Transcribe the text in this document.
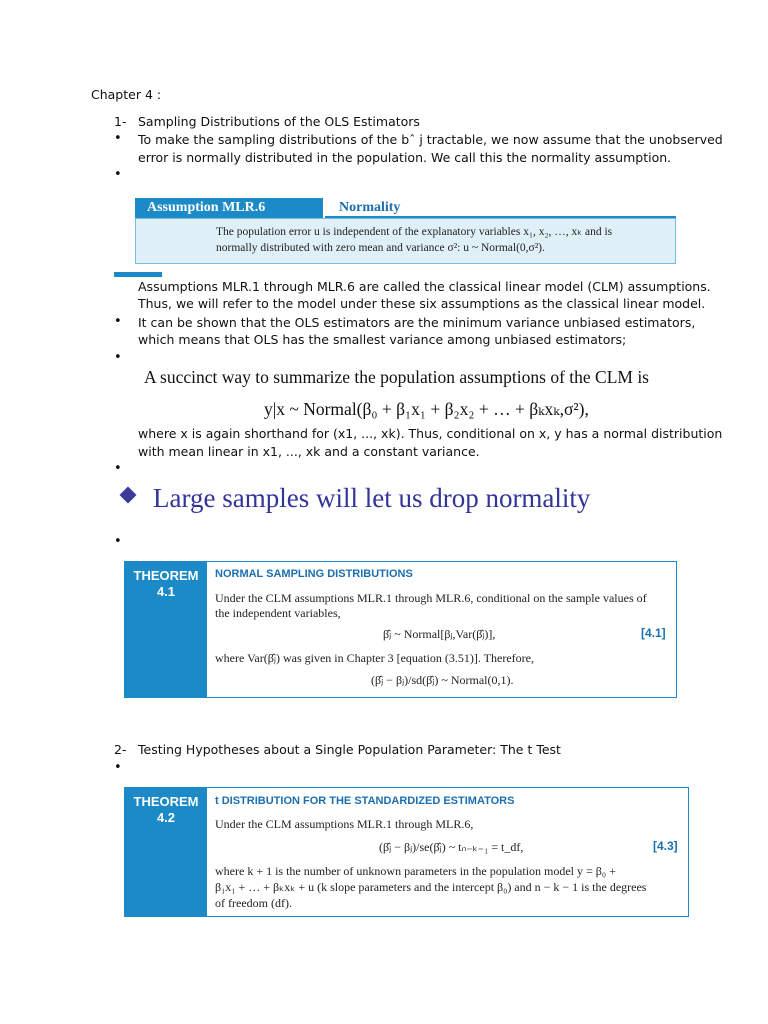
Chapter 4 :
1- Sampling Distributions of the OLS Estimators
• To make the sampling distributions of the bˆ j tractable, we now assume that the unobserved
error is normally distributed in the population. We call this the normality assumption.
•
Assumption MLR.6	Normality
The population error u is independent of the explanatory variables x₁, x₂, …, xₖ and is
normally distributed with zero mean and variance σ²: u ~ Normal(0,σ²).
Assumptions MLR.1 through MLR.6 are called the classical linear model (CLM) assumptions.
Thus, we will refer to the model under these six assumptions as the classical linear model.
• It can be shown that the OLS estimators are the minimum variance unbiased estimators,
which means that OLS has the smallest variance among unbiased estimators;
•
A succinct way to summarize the population assumptions of the CLM is
y|x ~ Normal(β₀ + β₁x₁ + β₂x₂ + … + βₖxₖ,σ²),
where x is again shorthand for (x1, ..., xk). Thus, conditional on x, y has a normal distribution
with mean linear in x1, ..., xk and a constant variance.
•
Large samples will let us drop normality
•
THEOREM
4.1
NORMAL SAMPLING DISTRIBUTIONS
Under the CLM assumptions MLR.1 through MLR.6, conditional on the sample values of
the independent variables,
β̂ⱼ ~ Normal[βⱼ,Var(β̂ⱼ)],	[4.1]
where Var(β̂ⱼ) was given in Chapter 3 [equation (3.51)]. Therefore,
(β̂ⱼ − βⱼ)/sd(β̂ⱼ) ~ Normal(0,1).
2- Testing Hypotheses about a Single Population Parameter: The t Test
•
THEOREM
4.2
t DISTRIBUTION FOR THE STANDARDIZED ESTIMATORS
Under the CLM assumptions MLR.1 through MLR.6,
(β̂ⱼ − βⱼ)/se(β̂ⱼ) ~ tₙ₋ₖ₋₁ = t_df,	[4.3]
where k + 1 is the number of unknown parameters in the population model y = β₀ +
β₁x₁ + … + βₖxₖ + u (k slope parameters and the intercept β₀) and n − k − 1 is the degrees
of freedom (df).
